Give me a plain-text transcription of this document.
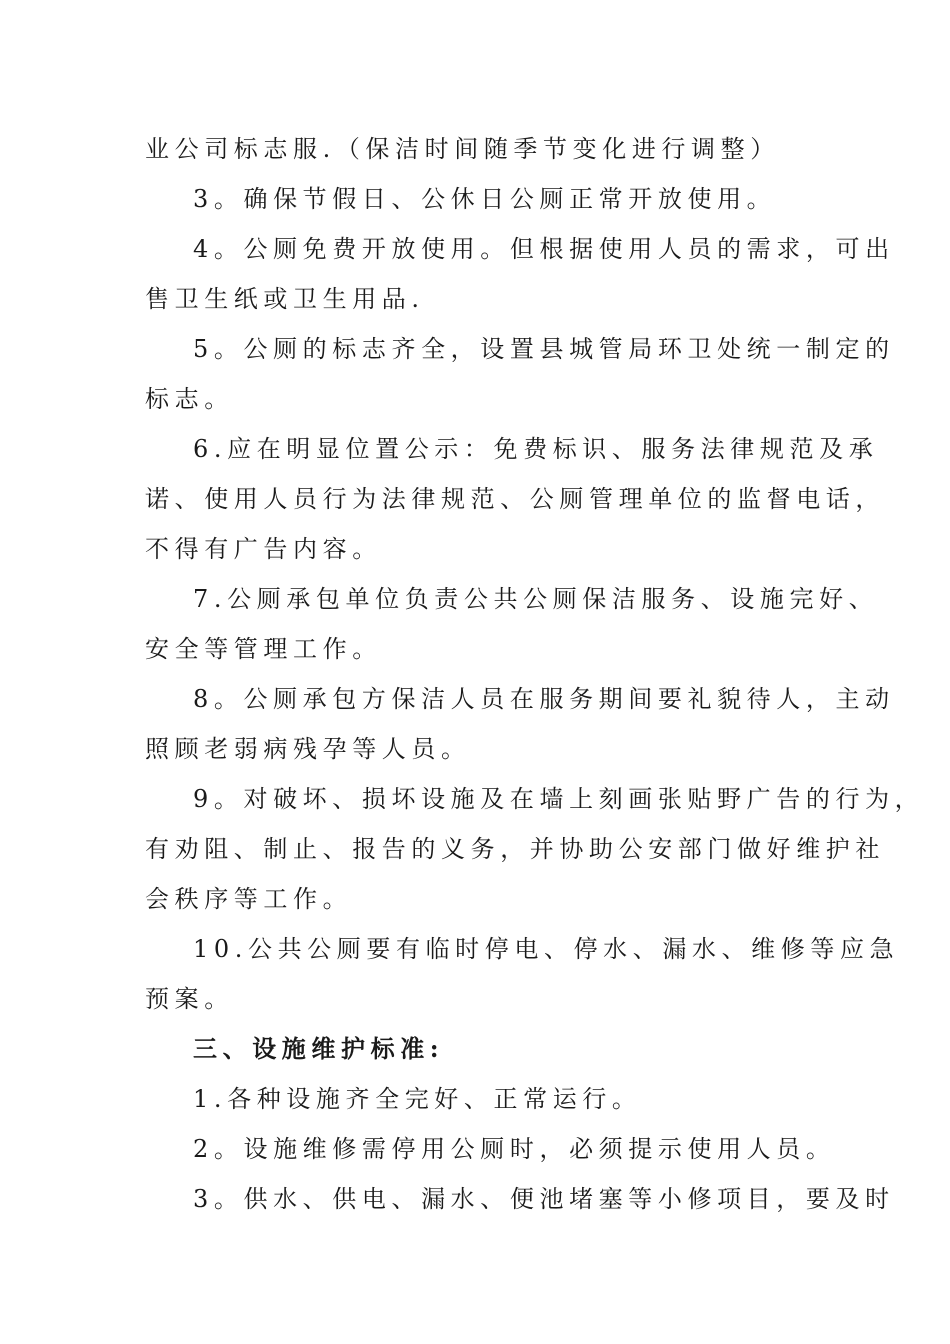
业公司标志服.（保洁时间随季节变化进行调整）
3。确保节假日、公休日公厕正常开放使用。
4。公厕免费开放使用。但根据使用人员的需求，可出
售卫生纸或卫生用品.
5。公厕的标志齐全，设置县城管局环卫处统一制定的
标志。
6.应在明显位置公示：免费标识、服务法律规范及承
诺、使用人员行为法律规范、公厕管理单位的监督电话，
不得有广告内容。
7.公厕承包单位负责公共公厕保洁服务、设施完好、
安全等管理工作。
8。公厕承包方保洁人员在服务期间要礼貌待人，主动
照顾老弱病残孕等人员。
9。对破坏、损坏设施及在墙上刻画张贴野广告的行为，
有劝阻、制止、报告的义务，并协助公安部门做好维护社
会秩序等工作。
10.公共公厕要有临时停电、停水、漏水、维修等应急
预案。
三、设施维护标准:
1.各种设施齐全完好、正常运行。
2。设施维修需停用公厕时，必须提示使用人员。
3。供水、供电、漏水、便池堵塞等小修项目，要及时
